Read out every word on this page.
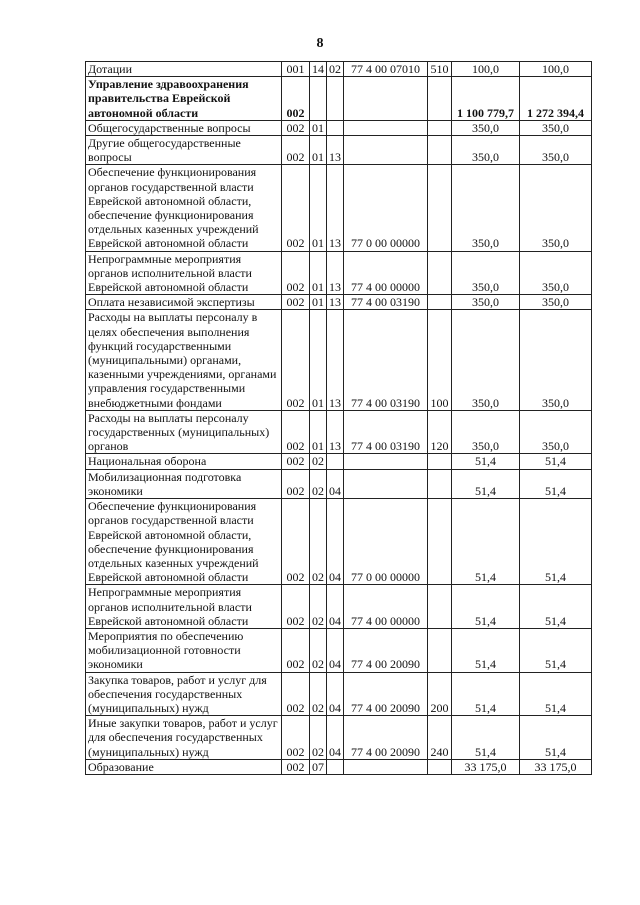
8
Дотации	001	14	02	77 4 00 07010	510	100,0	100,0
Управление здравоохранения правительства Еврейской автономной области	002					1 100 779,7	1 272 394,4
Общегосударственные вопросы	002	01				350,0	350,0
Другие общегосударственные вопросы	002	01	13			350,0	350,0
Обеспечение функционирования органов государственной власти Еврейской автономной области, обеспечение функционирования отдельных казенных учреждений Еврейской автономной области	002	01	13	77 0 00 00000		350,0	350,0
Непрограммные мероприятия органов исполнительной власти Еврейской автономной области	002	01	13	77 4 00 00000		350,0	350,0
Оплата независимой экспертизы	002	01	13	77 4 00 03190		350,0	350,0
Расходы на выплаты персоналу в целях обеспечения выполнения функций государственными (муниципальными) органами, казенными учреждениями, органами управления государственными внебюджетными фондами	002	01	13	77 4 00 03190	100	350,0	350,0
Расходы на выплаты персоналу государственных (муниципальных) органов	002	01	13	77 4 00 03190	120	350,0	350,0
Национальная оборона	002	02				51,4	51,4
Мобилизационная подготовка экономики	002	02	04			51,4	51,4
Обеспечение функционирования органов государственной власти Еврейской автономной области, обеспечение функционирования отдельных казенных учреждений Еврейской автономной области	002	02	04	77 0 00 00000		51,4	51,4
Непрограммные мероприятия органов исполнительной власти Еврейской автономной области	002	02	04	77 4 00 00000		51,4	51,4
Мероприятия по обеспечению мобилизационной готовности экономики	002	02	04	77 4 00 20090		51,4	51,4
Закупка товаров, работ и услуг для обеспечения государственных (муниципальных) нужд	002	02	04	77 4 00 20090	200	51,4	51,4
Иные закупки товаров, работ и услуг для обеспечения государственных (муниципальных) нужд	002	02	04	77 4 00 20090	240	51,4	51,4
Образование	002	07				33 175,0	33 175,0
